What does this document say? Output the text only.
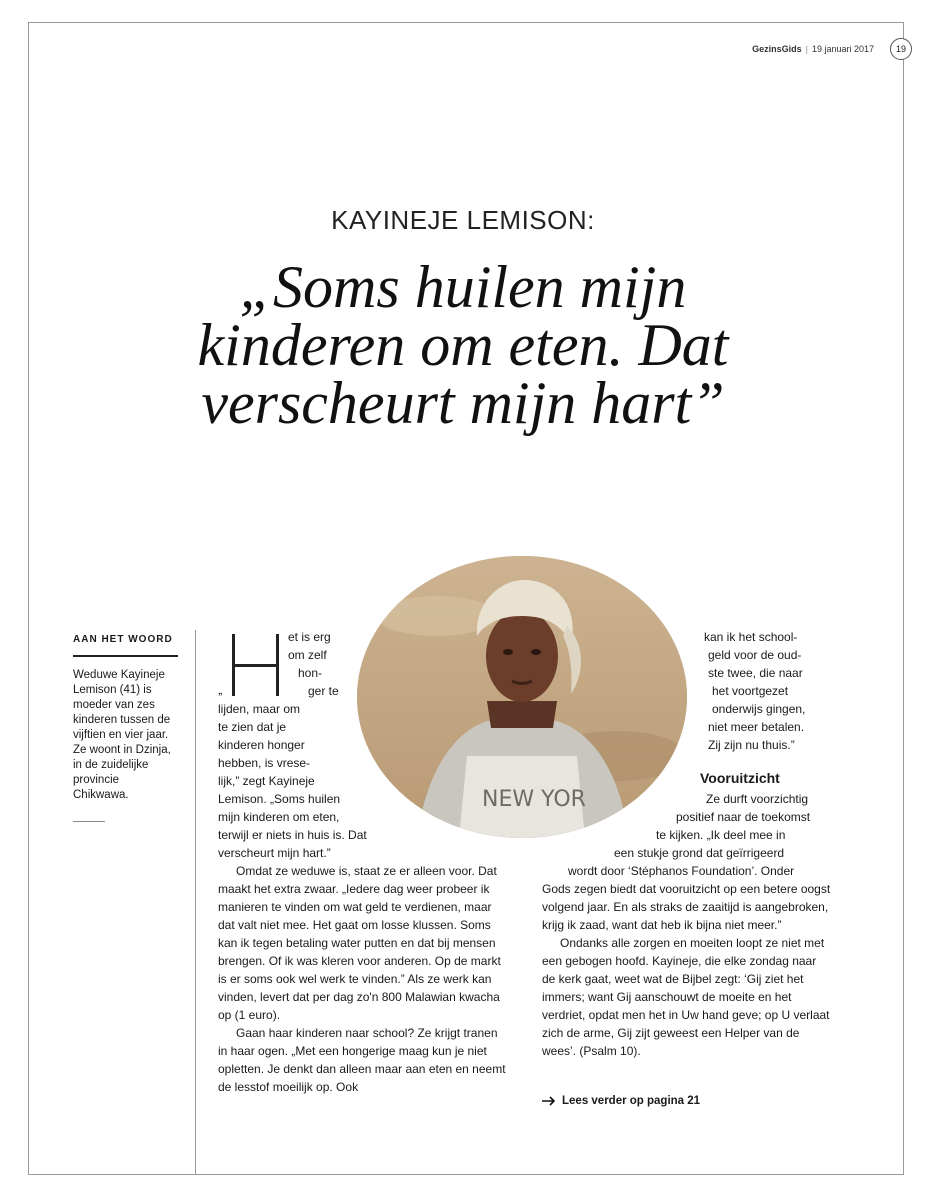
GezinsGids | 19 januari 2017	19
KAYINEJE LEMISON:
„Soms huilen mijn
kinderen om eten. Dat
verscheurt mijn hart”
AAN HET WOORD
Weduwe Kayineje Lemison (41) is moeder van zes kinderen tussen de vijftien en vier jaar. Ze woont in Dzinja, in de zuidelijke provincie Chikwawa.	NEW YOR
„
et is erg
om zelf
hon-
ger te
lijden, maar om
te zien dat je
kinderen honger
hebben, is vrese-
lijk,” zegt Kayineje
Lemison. „Soms huilen
mijn kinderen om eten,
terwijl er niets in huis is. Dat
verscheurt mijn hart.”

Omdat ze weduwe is, staat ze er alleen voor. Dat maakt het extra zwaar. „Iedere dag weer probeer ik manieren te vinden om wat geld te verdienen, maar dat valt niet mee. Het gaat om losse klussen. Soms kan ik tegen betaling water putten en dat bij mensen brengen. Of ik was kleren voor anderen. Op de markt is er soms ook wel werk te vinden.” Als ze werk kan vinden, levert dat per dag zo'n 800 Malawian kwacha op (1 euro).

Gaan haar kinderen naar school? Ze krijgt tranen in haar ogen. „Met een hongerige maag kun je niet opletten. Je denkt dan alleen maar aan eten en neemt de lesstof moeilijk op. Ook

kan ik het school-
geld voor de oud-
ste twee, die naar
het voortgezet
onderwijs gingen,
niet meer betalen.
Zij zijn nu thuis.”
Vooruitzicht
Ze durft voorzichtig
positief naar de toekomst
te kijken. „Ik deel mee in
een stukje grond dat geïrrigeerd
wordt door ‘Stéphanos Foundation’. Onder

Gods zegen biedt dat vooruitzicht op een betere oogst volgend jaar. En als straks de zaaitijd is aangebroken, krijg ik zaad, want dat heb ik bijna niet meer.”

Ondanks alle zorgen en moeiten loopt ze niet met een gebogen hoofd. Kayineje, die elke zondag naar de kerk gaat, weet wat de Bijbel zegt: ‘Gij ziet het immers; want Gij aanschouwt de moeite en het verdriet, opdat men het in Uw hand geve; op U verlaat zich de arme, Gij zijt geweest een Helper van de wees’. (Psalm 10).

Lees verder op pagina 21
